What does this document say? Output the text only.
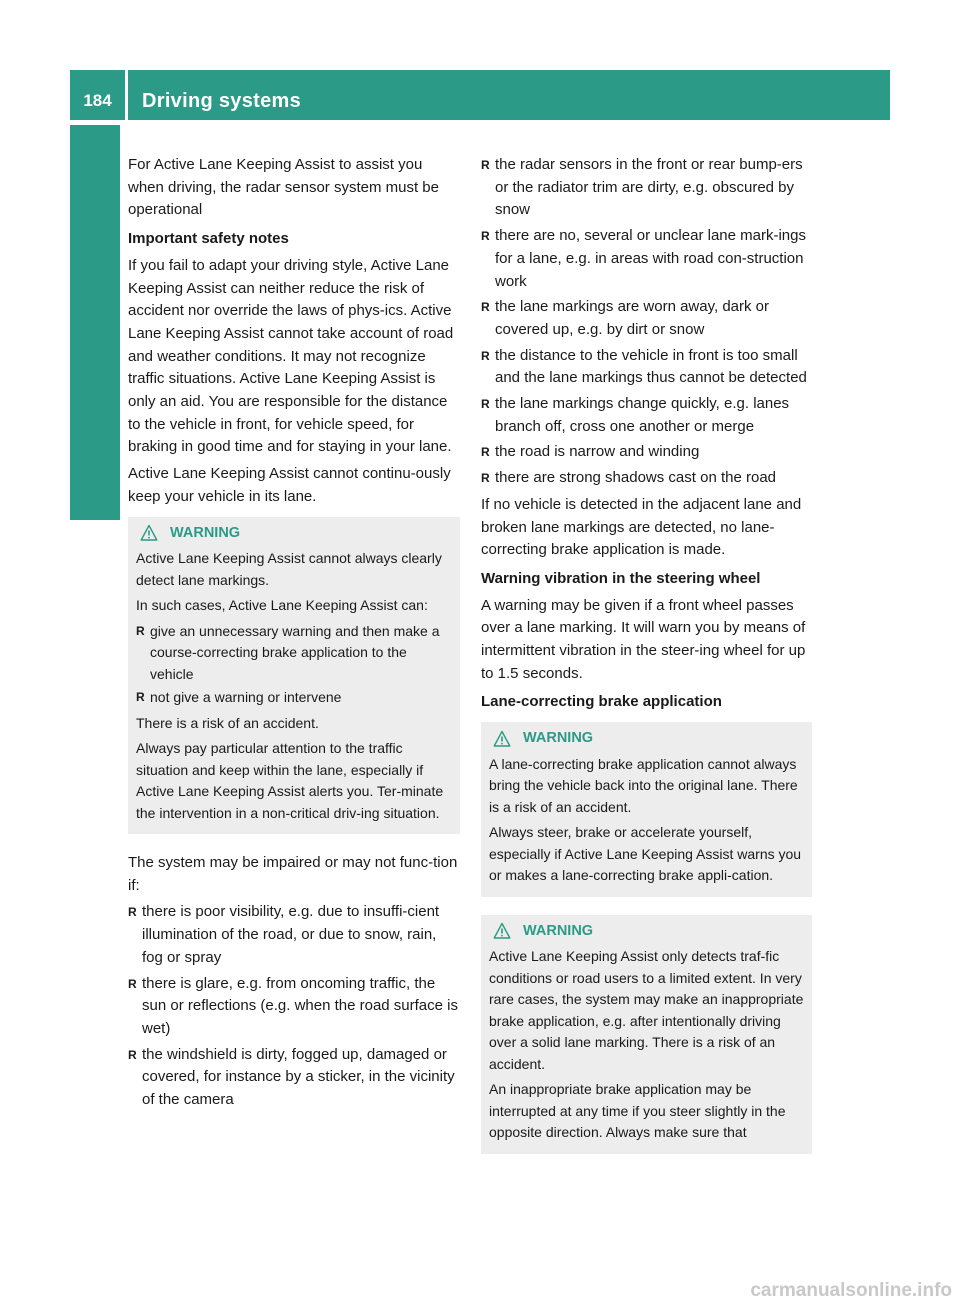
184	Driving systems
Driving and parking

For Active Lane Keeping Assist to assist you when driving, the radar sensor system must be operational

Important safety notes

If you fail to adapt your driving style, Active Lane Keeping Assist can neither reduce the risk of accident nor override the laws of phys-ics. Active Lane Keeping Assist cannot take account of road and weather conditions. It may not recognize traffic situations. Active Lane Keeping Assist is only an aid. You are responsible for the distance to the vehicle in front, for vehicle speed, for braking in good time and for staying in your lane.

Active Lane Keeping Assist cannot continu-ously keep your vehicle in its lane.

WARNING

Active Lane Keeping Assist cannot always clearly detect lane markings.

In such cases, Active Lane Keeping Assist can:

R give an unnecessary warning and then make a course-correcting brake application to the vehicle
R not give a warning or intervene

There is a risk of an accident.

Always pay particular attention to the traffic situation and keep within the lane, especially if Active Lane Keeping Assist alerts you. Ter-minate the intervention in a non-critical driv-ing situation.

The system may be impaired or may not func-tion if:

R there is poor visibility, e.g. due to insuffi-cient illumination of the road, or due to snow, rain, fog or spray
R there is glare, e.g. from oncoming traffic, the sun or reflections (e.g. when the road surface is wet)
R the windshield is dirty, fogged up, damaged or covered, for instance by a sticker, in the vicinity of the camera
R the radar sensors in the front or rear bump-ers or the radiator trim are dirty, e.g. obscured by snow
R there are no, several or unclear lane mark-ings for a lane, e.g. in areas with road con-struction work
R the lane markings are worn away, dark or covered up, e.g. by dirt or snow
R the distance to the vehicle in front is too small and the lane markings thus cannot be detected
R the lane markings change quickly, e.g. lanes branch off, cross one another or merge
R the road is narrow and winding
R there are strong shadows cast on the road

If no vehicle is detected in the adjacent lane and broken lane markings are detected, no lane-correcting brake application is made.

Warning vibration in the steering wheel

A warning may be given if a front wheel passes over a lane marking. It will warn you by means of intermittent vibration in the steer-ing wheel for up to 1.5 seconds.

Lane-correcting brake application
WARNING

A lane-correcting brake application cannot always bring the vehicle back into the original lane. There is a risk of an accident.

Always steer, brake or accelerate yourself, especially if Active Lane Keeping Assist warns you or makes a lane-correcting brake appli-cation.

WARNING

Active Lane Keeping Assist only detects traf-fic conditions or road users to a limited extent. In very rare cases, the system may make an inappropriate brake application, e.g. after intentionally driving over a solid lane marking. There is a risk of an accident.

An inappropriate brake application may be interrupted at any time if you steer slightly in the opposite direction. Always make sure that

carmanualsonline.info
